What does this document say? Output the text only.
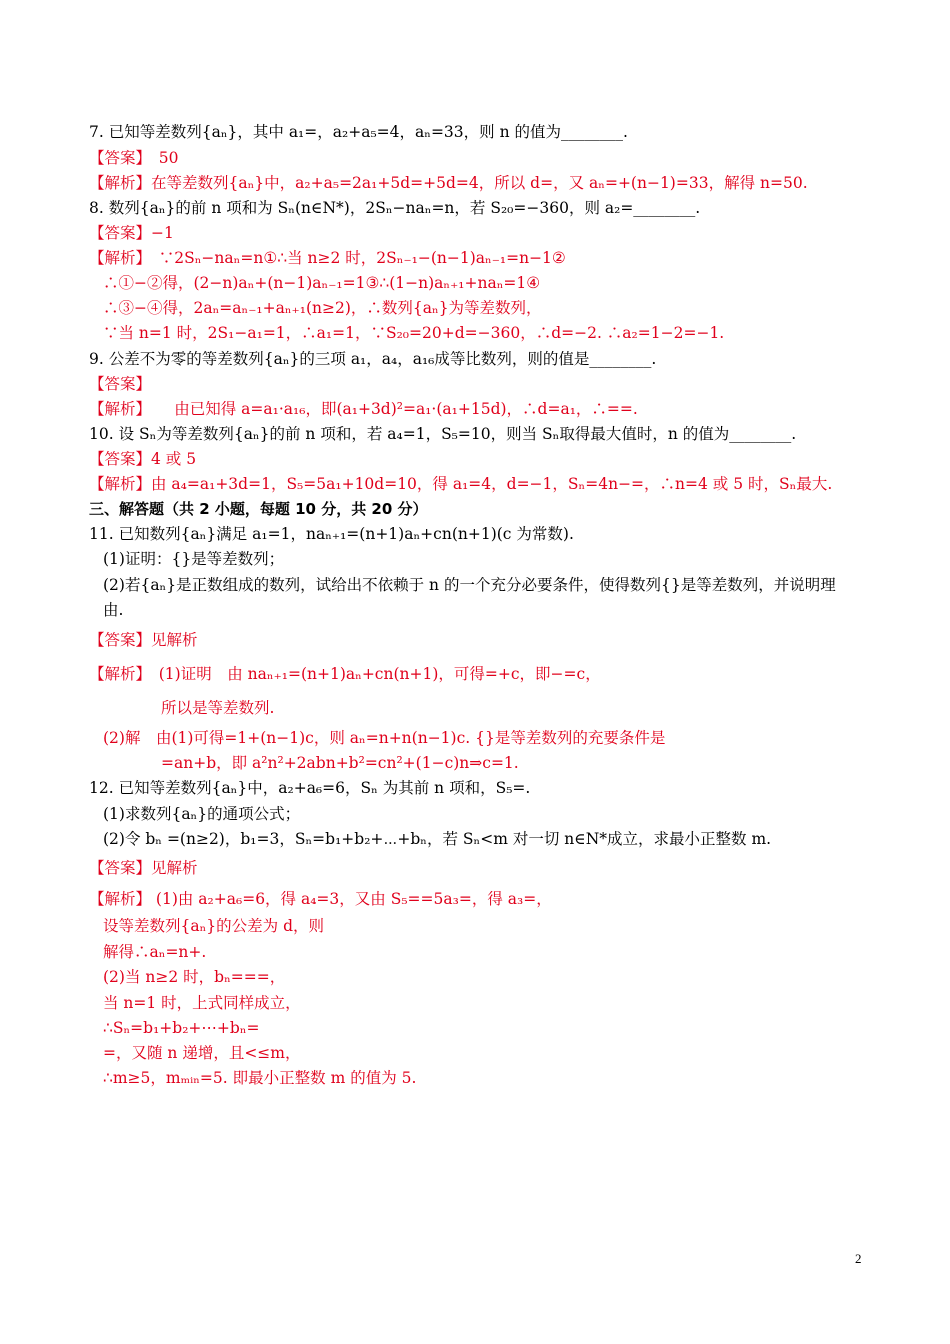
7. 已知等差数列{aₙ}，其中 a₁=，a₂+a₅=4，aₙ=33，则 n 的值为________.
【答案】　50
【解析】在等差数列{aₙ}中，a₂+a₅=2a₁+5d=+5d=4，所以 d=，又 aₙ=+(n−1)=33，解得 n=50.
8. 数列{aₙ}的前 n 项和为 Sₙ(n∈N*)，2Sₙ−naₙ=n，若 S₂₀=−360，则 a₂=________.
【答案】−1
【解析】　∵2Sₙ−naₙ=n①∴当 n≥2 时，2Sₙ₋₁−(n−1)aₙ₋₁=n−1②
∴①−②得，(2−n)aₙ+(n−1)aₙ₋₁=1③∴(1−n)aₙ₊₁+naₙ=1④
∴③−④得，2aₙ=aₙ₋₁+aₙ₊₁(n≥2)，∴数列{aₙ}为等差数列，
∵当 n=1 时，2S₁−a₁=1，∴a₁=1，∵S₂₀=20+d=−360，∴d=−2. ∴a₂=1−2=−1.
9. 公差不为零的等差数列{aₙ}的三项 a₁，a₄，a₁₆成等比数列，则的值是________.
【答案】
【解析】　　由已知得 a=a₁·a₁₆，即(a₁+3d)²=a₁·(a₁+15d)，∴d=a₁，∴==.
10. 设 Sₙ为等差数列{aₙ}的前 n 项和，若 a₄=1，S₅=10，则当 Sₙ取得最大值时，n 的值为________.
【答案】4 或 5
【解析】由 a₄=a₁+3d=1，S₅=5a₁+10d=10，得 a₁=4，d=−1，Sₙ=4n−=，∴n=4 或 5 时，Sₙ最大.
三、解答题（共 2 小题，每题 10 分，共 20 分）
11. 已知数列{aₙ}满足 a₁=1，naₙ₊₁=(n+1)aₙ+cn(n+1)(c 为常数).
(1)证明：{}是等差数列；
(2)若{aₙ}是正数组成的数列，试给出不依赖于 n 的一个充分必要条件，使得数列{}是等差数列，并说明理
由.
【答案】见解析
【解析】　(1)证明　由 naₙ₊₁=(n+1)aₙ+cn(n+1)，可得=+c，即−=c，
所以是等差数列.
(2)解　由(1)可得=1+(n−1)c，则 aₙ=n+n(n−1)c. {}是等差数列的充要条件是
=an+b，即 a²n²+2abn+b²=cn²+(1−c)n⇒c=1.
12. 已知等差数列{aₙ}中，a₂+a₆=6，Sₙ 为其前 n 项和，S₅=.
(1)求数列{aₙ}的通项公式；
(2)令 bₙ =(n≥2)，b₁=3，Sₙ=b₁+b₂+⋯+bₙ，若 Sₙ<m 对一切 n∈N*成立，求最小正整数 m.
【答案】见解析
【解析】 (1)由 a₂+a₆=6，得 a₄=3，又由 S₅==5a₃=，得 a₃=，
设等差数列{aₙ}的公差为 d，则
解得∴aₙ=n+.
(2)当 n≥2 时，bₙ===，
当 n=1 时，上式同样成立，
∴Sₙ=b₁+b₂+⋯+bₙ=
=，又随 n 递增，且<≤m，
∴m≥5，mₘᵢₙ=5. 即最小正整数 m 的值为 5.
2
